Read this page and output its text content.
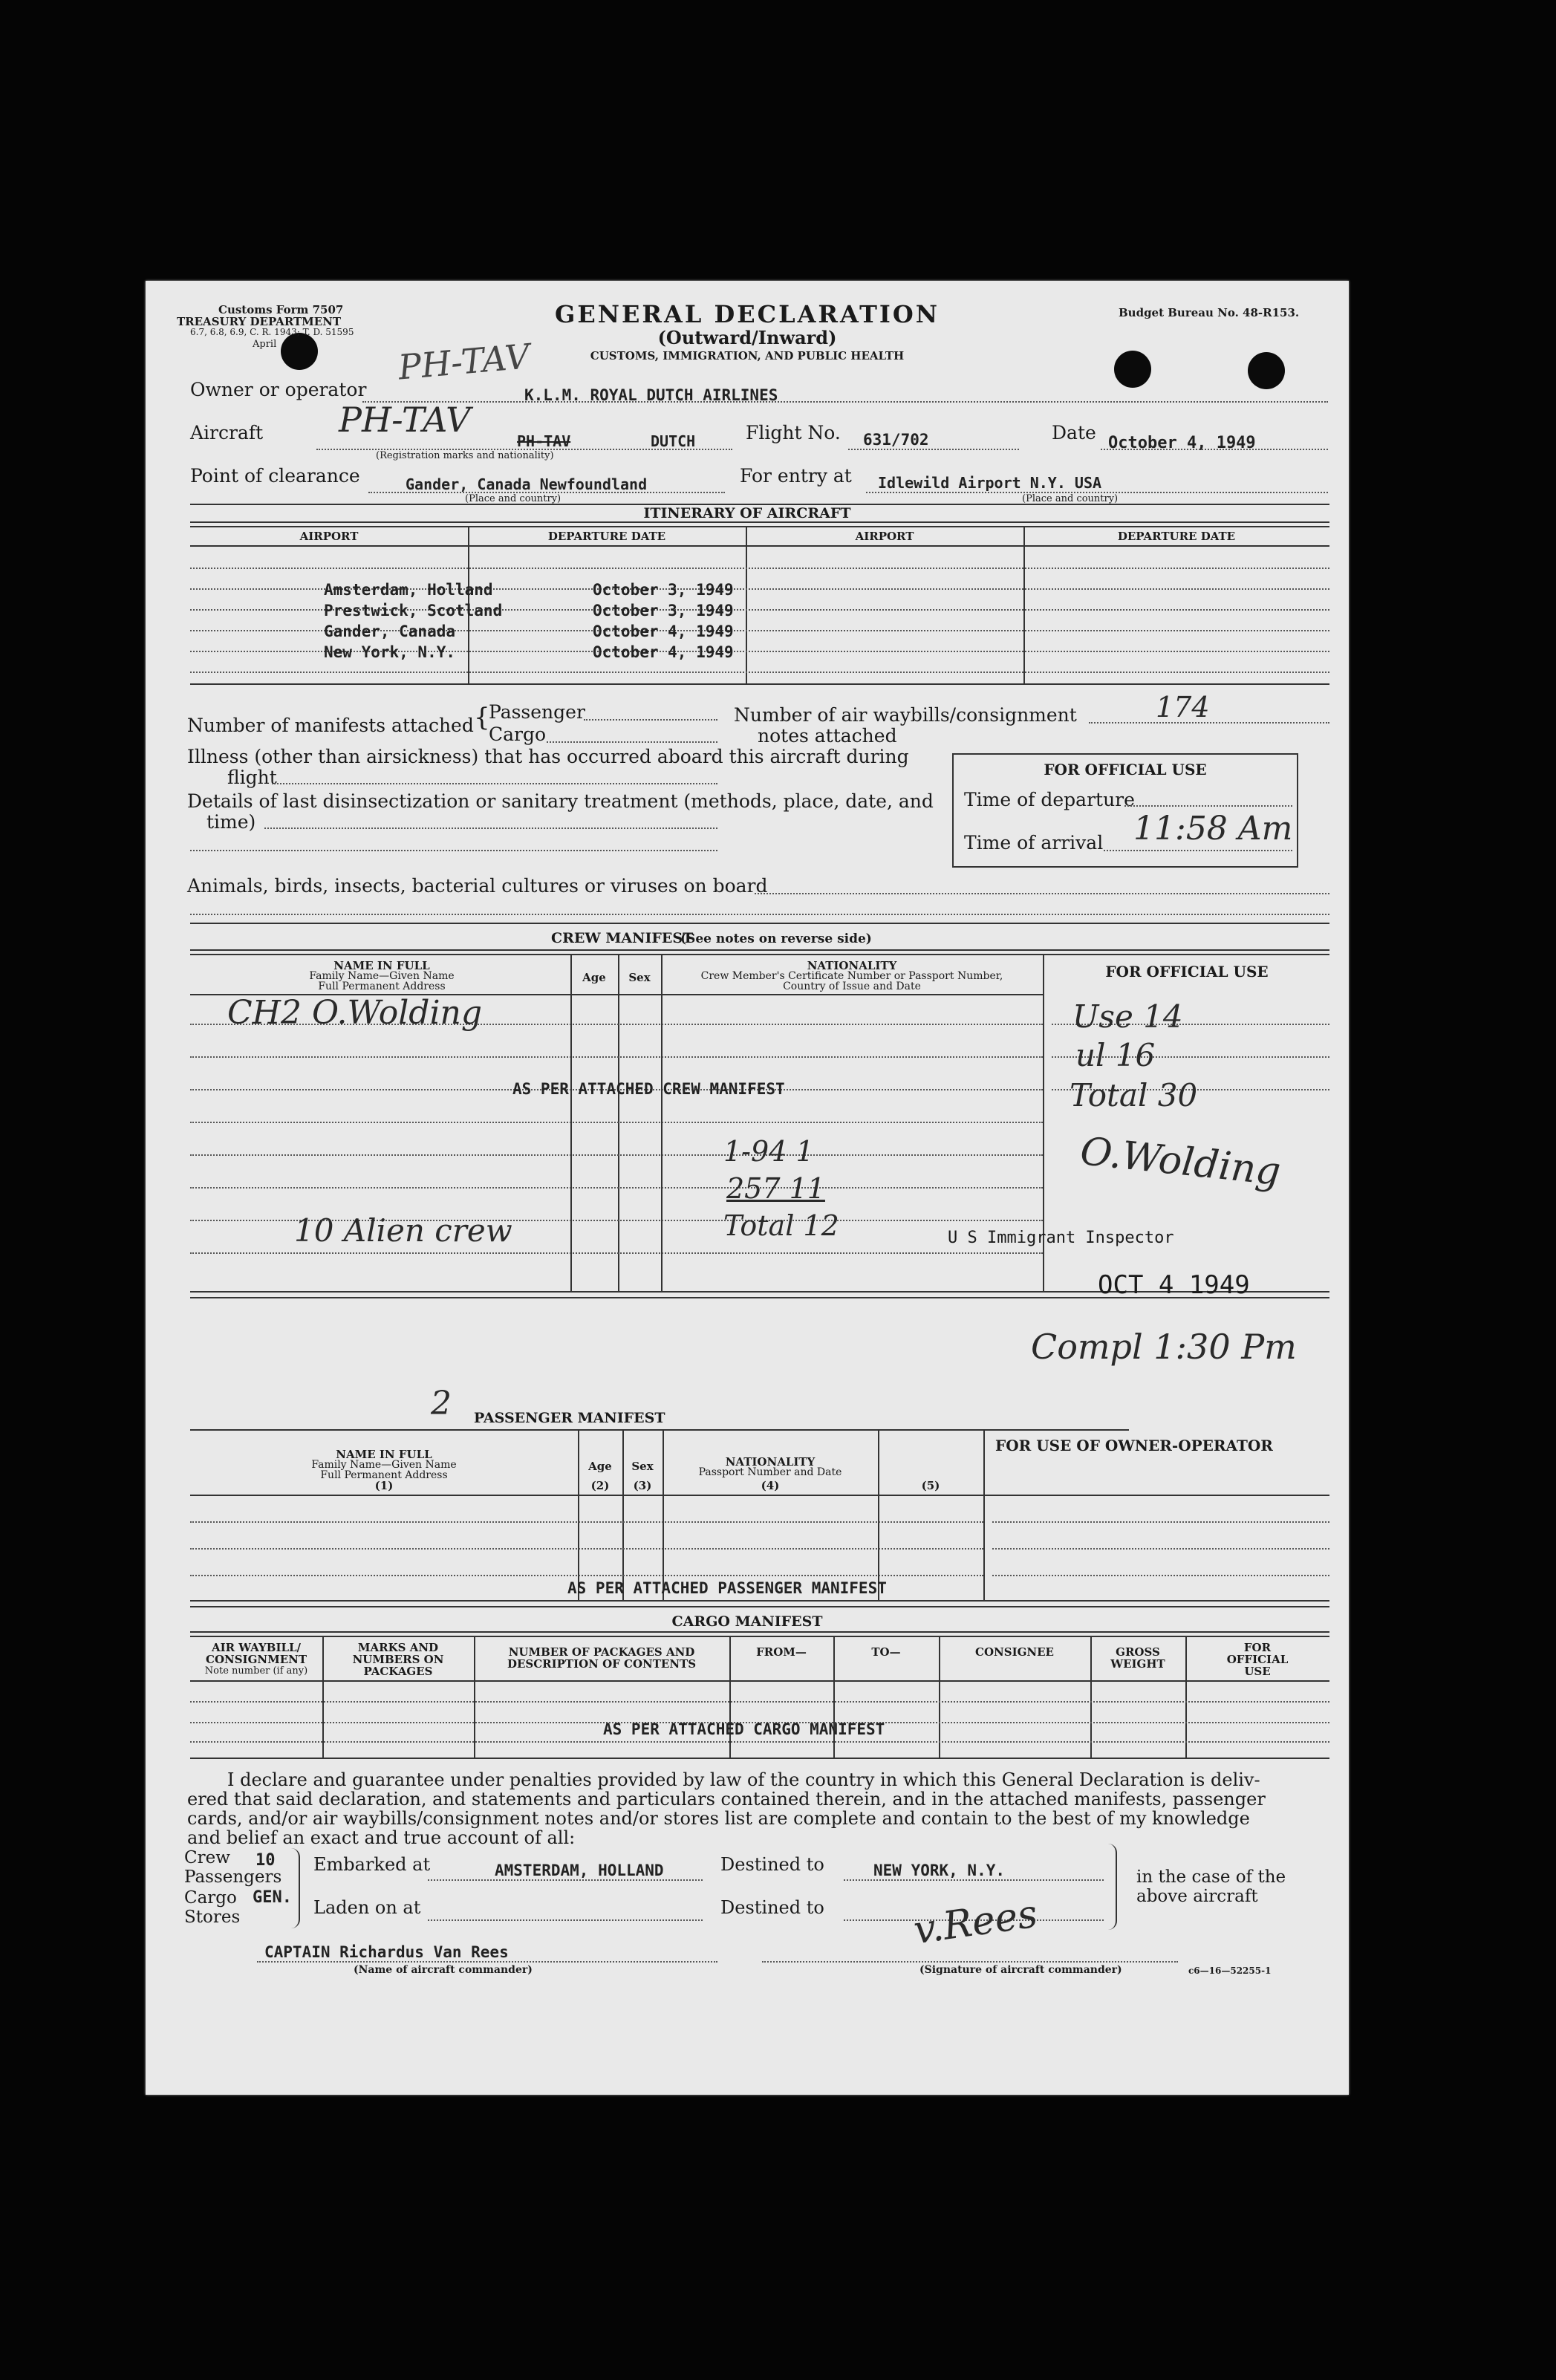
Customs Form 7507
TREASURY DEPARTMENT
6.7, 6.8, 6.9, C. R. 1943; T. D. 51595
April
GENERAL DECLARATION
(Outward/Inward)
CUSTOMS, IMMIGRATION, AND PUBLIC HEALTH
Budget Bureau No. 48-R153.
PH-TAV
Owner or operator	K.L.M. ROYAL DUTCH AIRLINES
Aircraft PH-TAV
PH-TAV	DUTCH
(Registration marks and nationality)
Flight No. 631/702	Date October 4, 1949
Point of clearance	Gander, Canada Newfoundland
(Place and country)
For entry at Idlewild Airport N.Y. USA
(Place and country)
ITINERARY OF AIRCRAFT
AIRPORT	DEPARTURE DATE	AIRPORT	DEPARTURE DATE
Amsterdam, Holland	October 3, 1949
Prestwick, Scotland	October 3, 1949
Gander, Canada	October 4, 1949
New York, N.Y.	October 4, 1949
Number of manifests attached {
Passenger
Cargo
Number of air waybills/consignment
notes attached
174
Illness (other than airsickness) that has occurred aboard this aircraft during
flight
Details of last disinsectization or sanitary treatment (methods, place, date, and
time)
Animals, birds, insects, bacterial cultures or viruses on board
FOR OFFICIAL USE
Time of departure
Time of arrival 11:58 Am
CREW MANIFEST
(See notes on reverse side)
NAME IN FULL
Family Name—Given Name
Full Permanent Address
Age	Sex
NATIONALITY
Crew Member's Certificate Number or Passport Number,
Country of Issue and Date
FOR OFFICIAL USE
CH2 O.Wolding
AS PER ATTACHED CREW MANIFEST
10 Alien crew
1-94 1
257 11
Total 12
Use 14
ul 16
Total 30
O.Wolding
U S Immigrant Inspector
OCT 4 1949
Compl 1:30 Pm
2 PASSENGER MANIFEST
FOR USE OF OWNER-OPERATOR
NAME IN FULL
Family Name—Given Name
Full Permanent Address
(1)
Age
(2)
Sex
(3)
NATIONALITY
Passport Number and Date
(4)	(5)
AS PER ATTACHED PASSENGER MANIFEST
CARGO MANIFEST
AIR WAYBILL/
CONSIGNMENT
Note number (if any)
MARKS AND
NUMBERS ON
PACKAGES
NUMBER OF PACKAGES AND
DESCRIPTION OF CONTENTS
FROM—	TO—	CONSIGNEE	GROSS
WEIGHT
FOR
OFFICIAL
USE
AS PER ATTACHED CARGO MANIFEST
I declare and guarantee under penalties provided by law of the country in which this General Declaration is deliv-
ered that said declaration, and statements and particulars contained therein, and in the attached manifests, passenger
cards, and/or air waybills/consignment notes and/or stores list are complete and contain to the best of my knowledge
and belief an exact and true account of all:
Crew 10
Passengers
Cargo GEN.
Stores
Embarked at	AMSTERDAM, HOLLAND
Laden on at
Destined to	NEW YORK, N.Y.
Destined to
in the case of the
above aircraft
CAPTAIN Richardus Van Rees
(Name of aircraft commander)
v.Rees
(Signature of aircraft commander)	c6—16—52255-1
